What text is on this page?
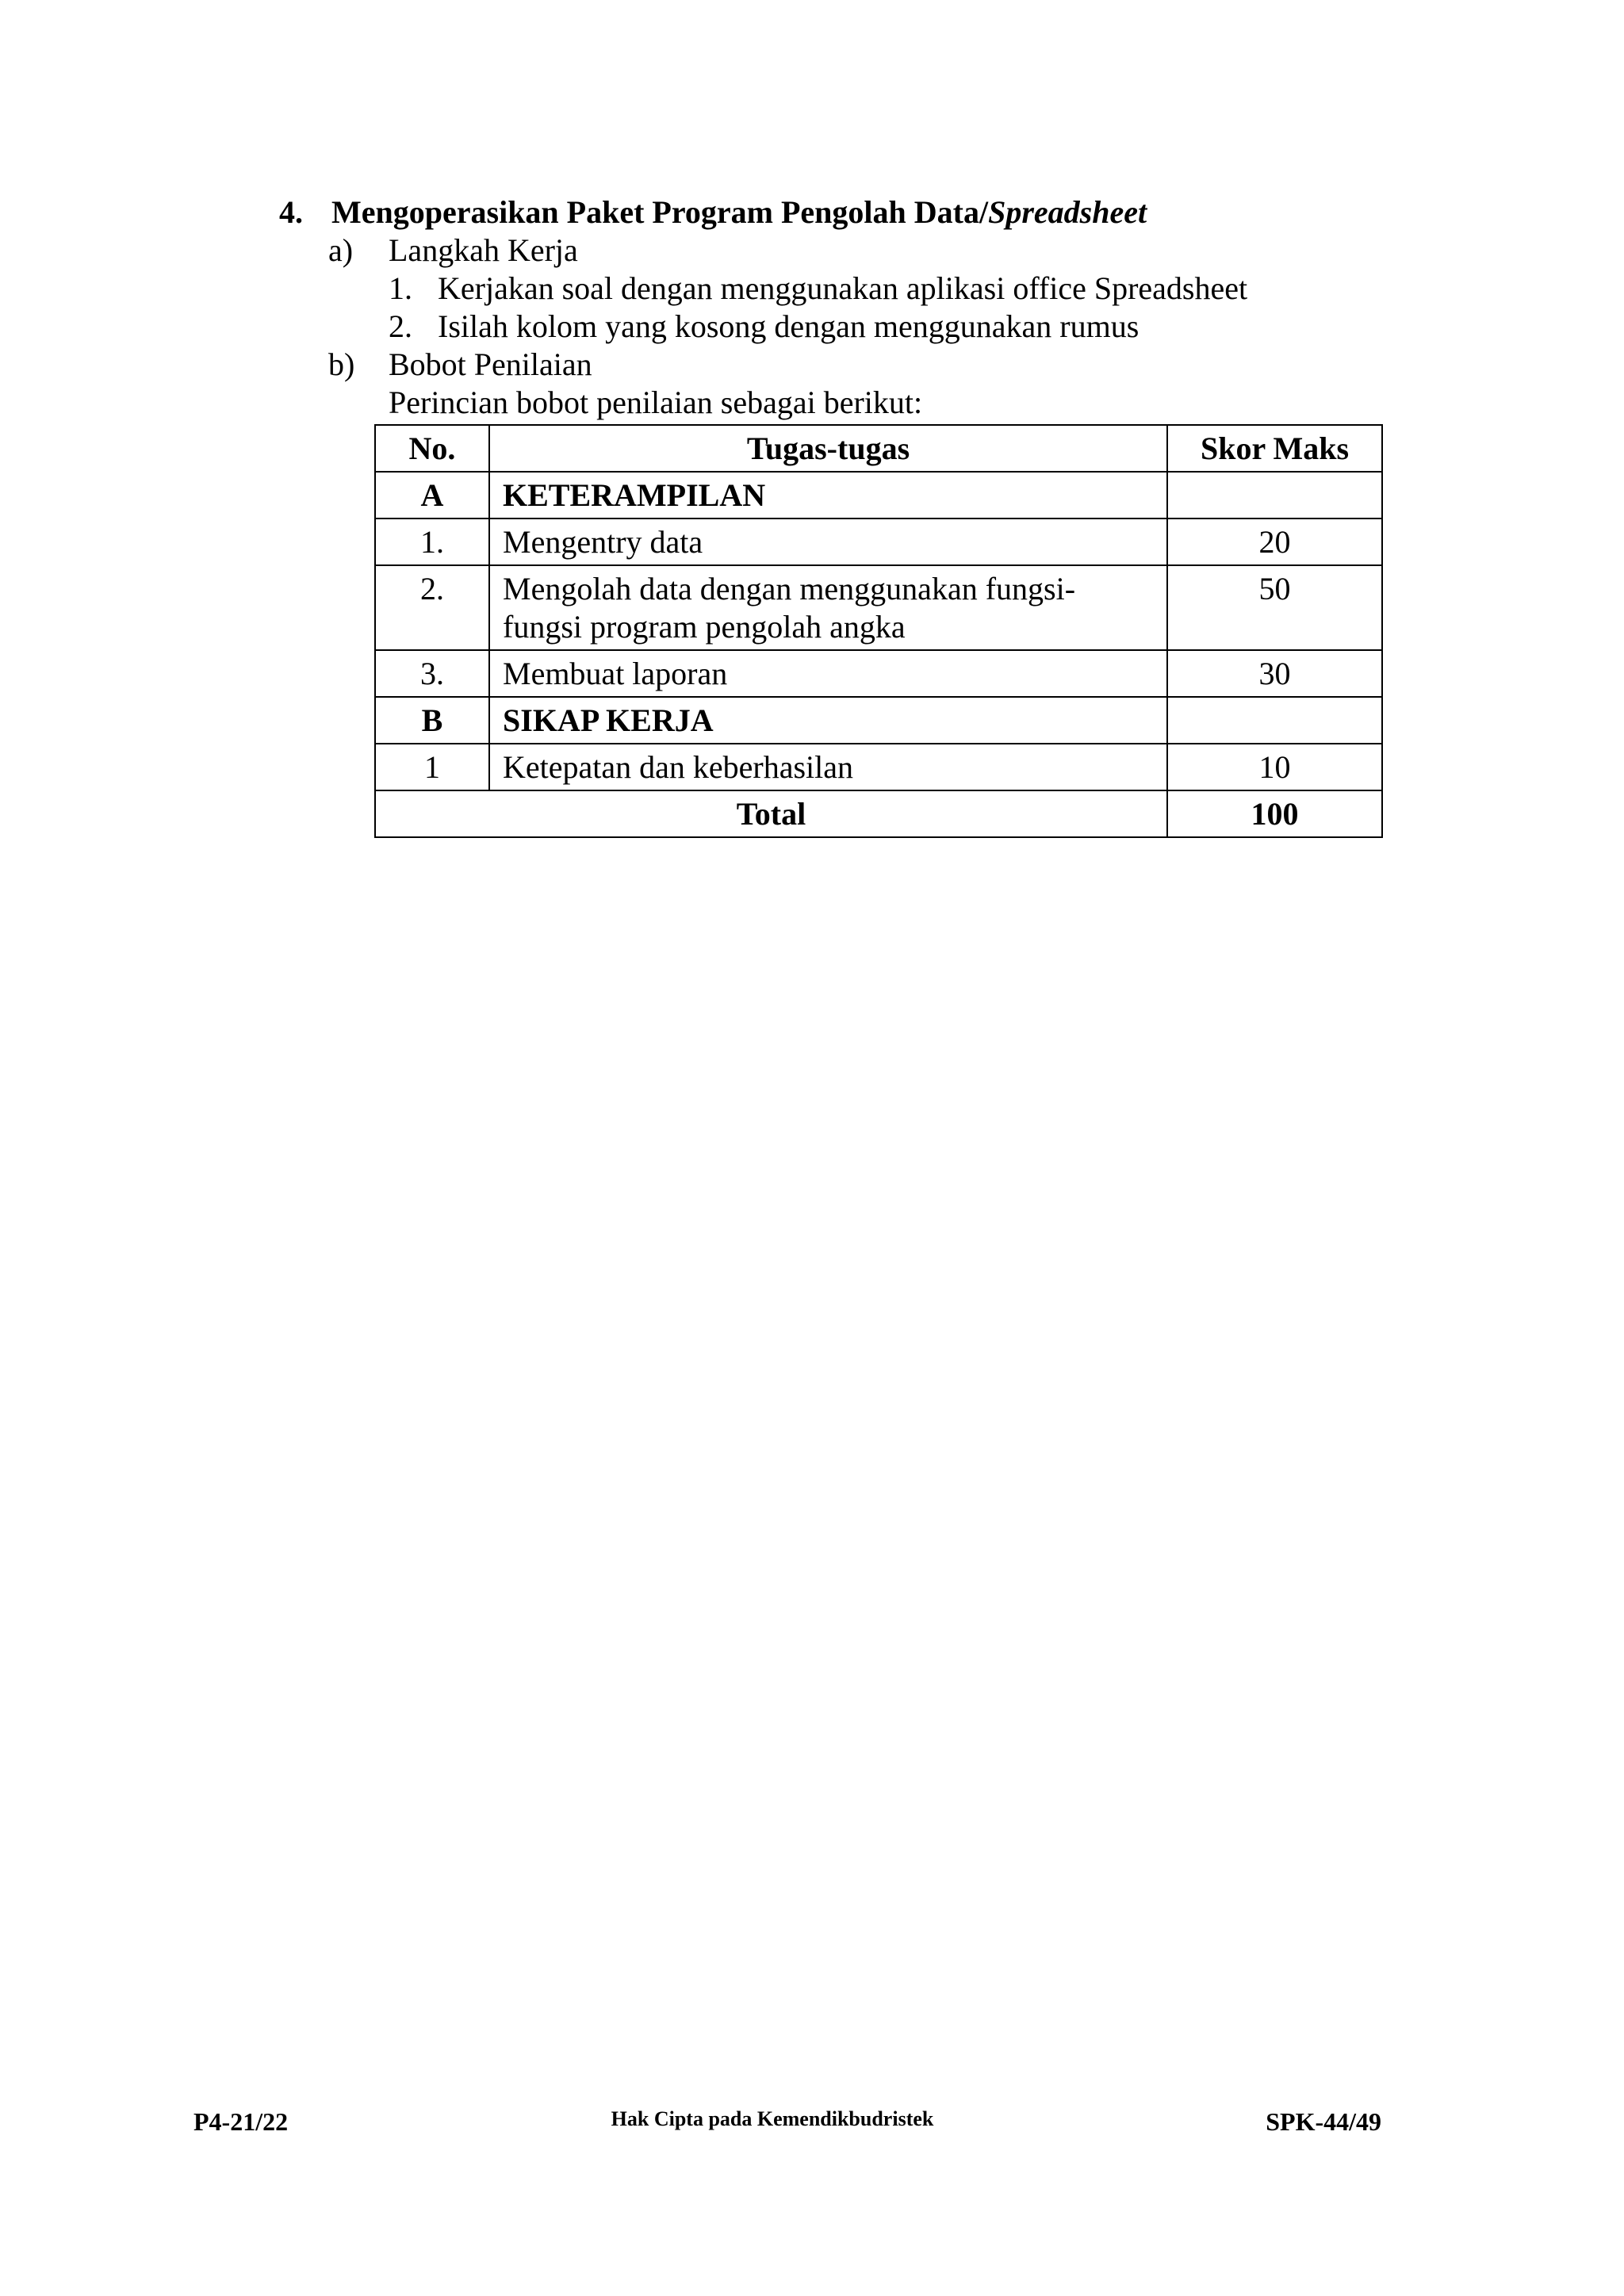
4. Mengoperasikan Paket Program Pengolah Data/Spreadsheet
a) Langkah Kerja
1. Kerjakan soal dengan menggunakan aplikasi office Spreadsheet
2. Isilah kolom yang kosong dengan menggunakan rumus
b) Bobot Penilaian
Perincian bobot penilaian sebagai berikut:
No.	Tugas-tugas	Skor Maks
A	KETERAMPILAN	
1.	Mengentry data	20
2.	Mengolah data dengan menggunakan fungsi-
fungsi program pengolah angka	50
3.	Membuat laporan	30
B	SIKAP KERJA	
1	Ketepatan dan keberhasilan	10
Total		100
P4-21/22	Hak Cipta pada Kemendikbudristek	SPK-44/49
